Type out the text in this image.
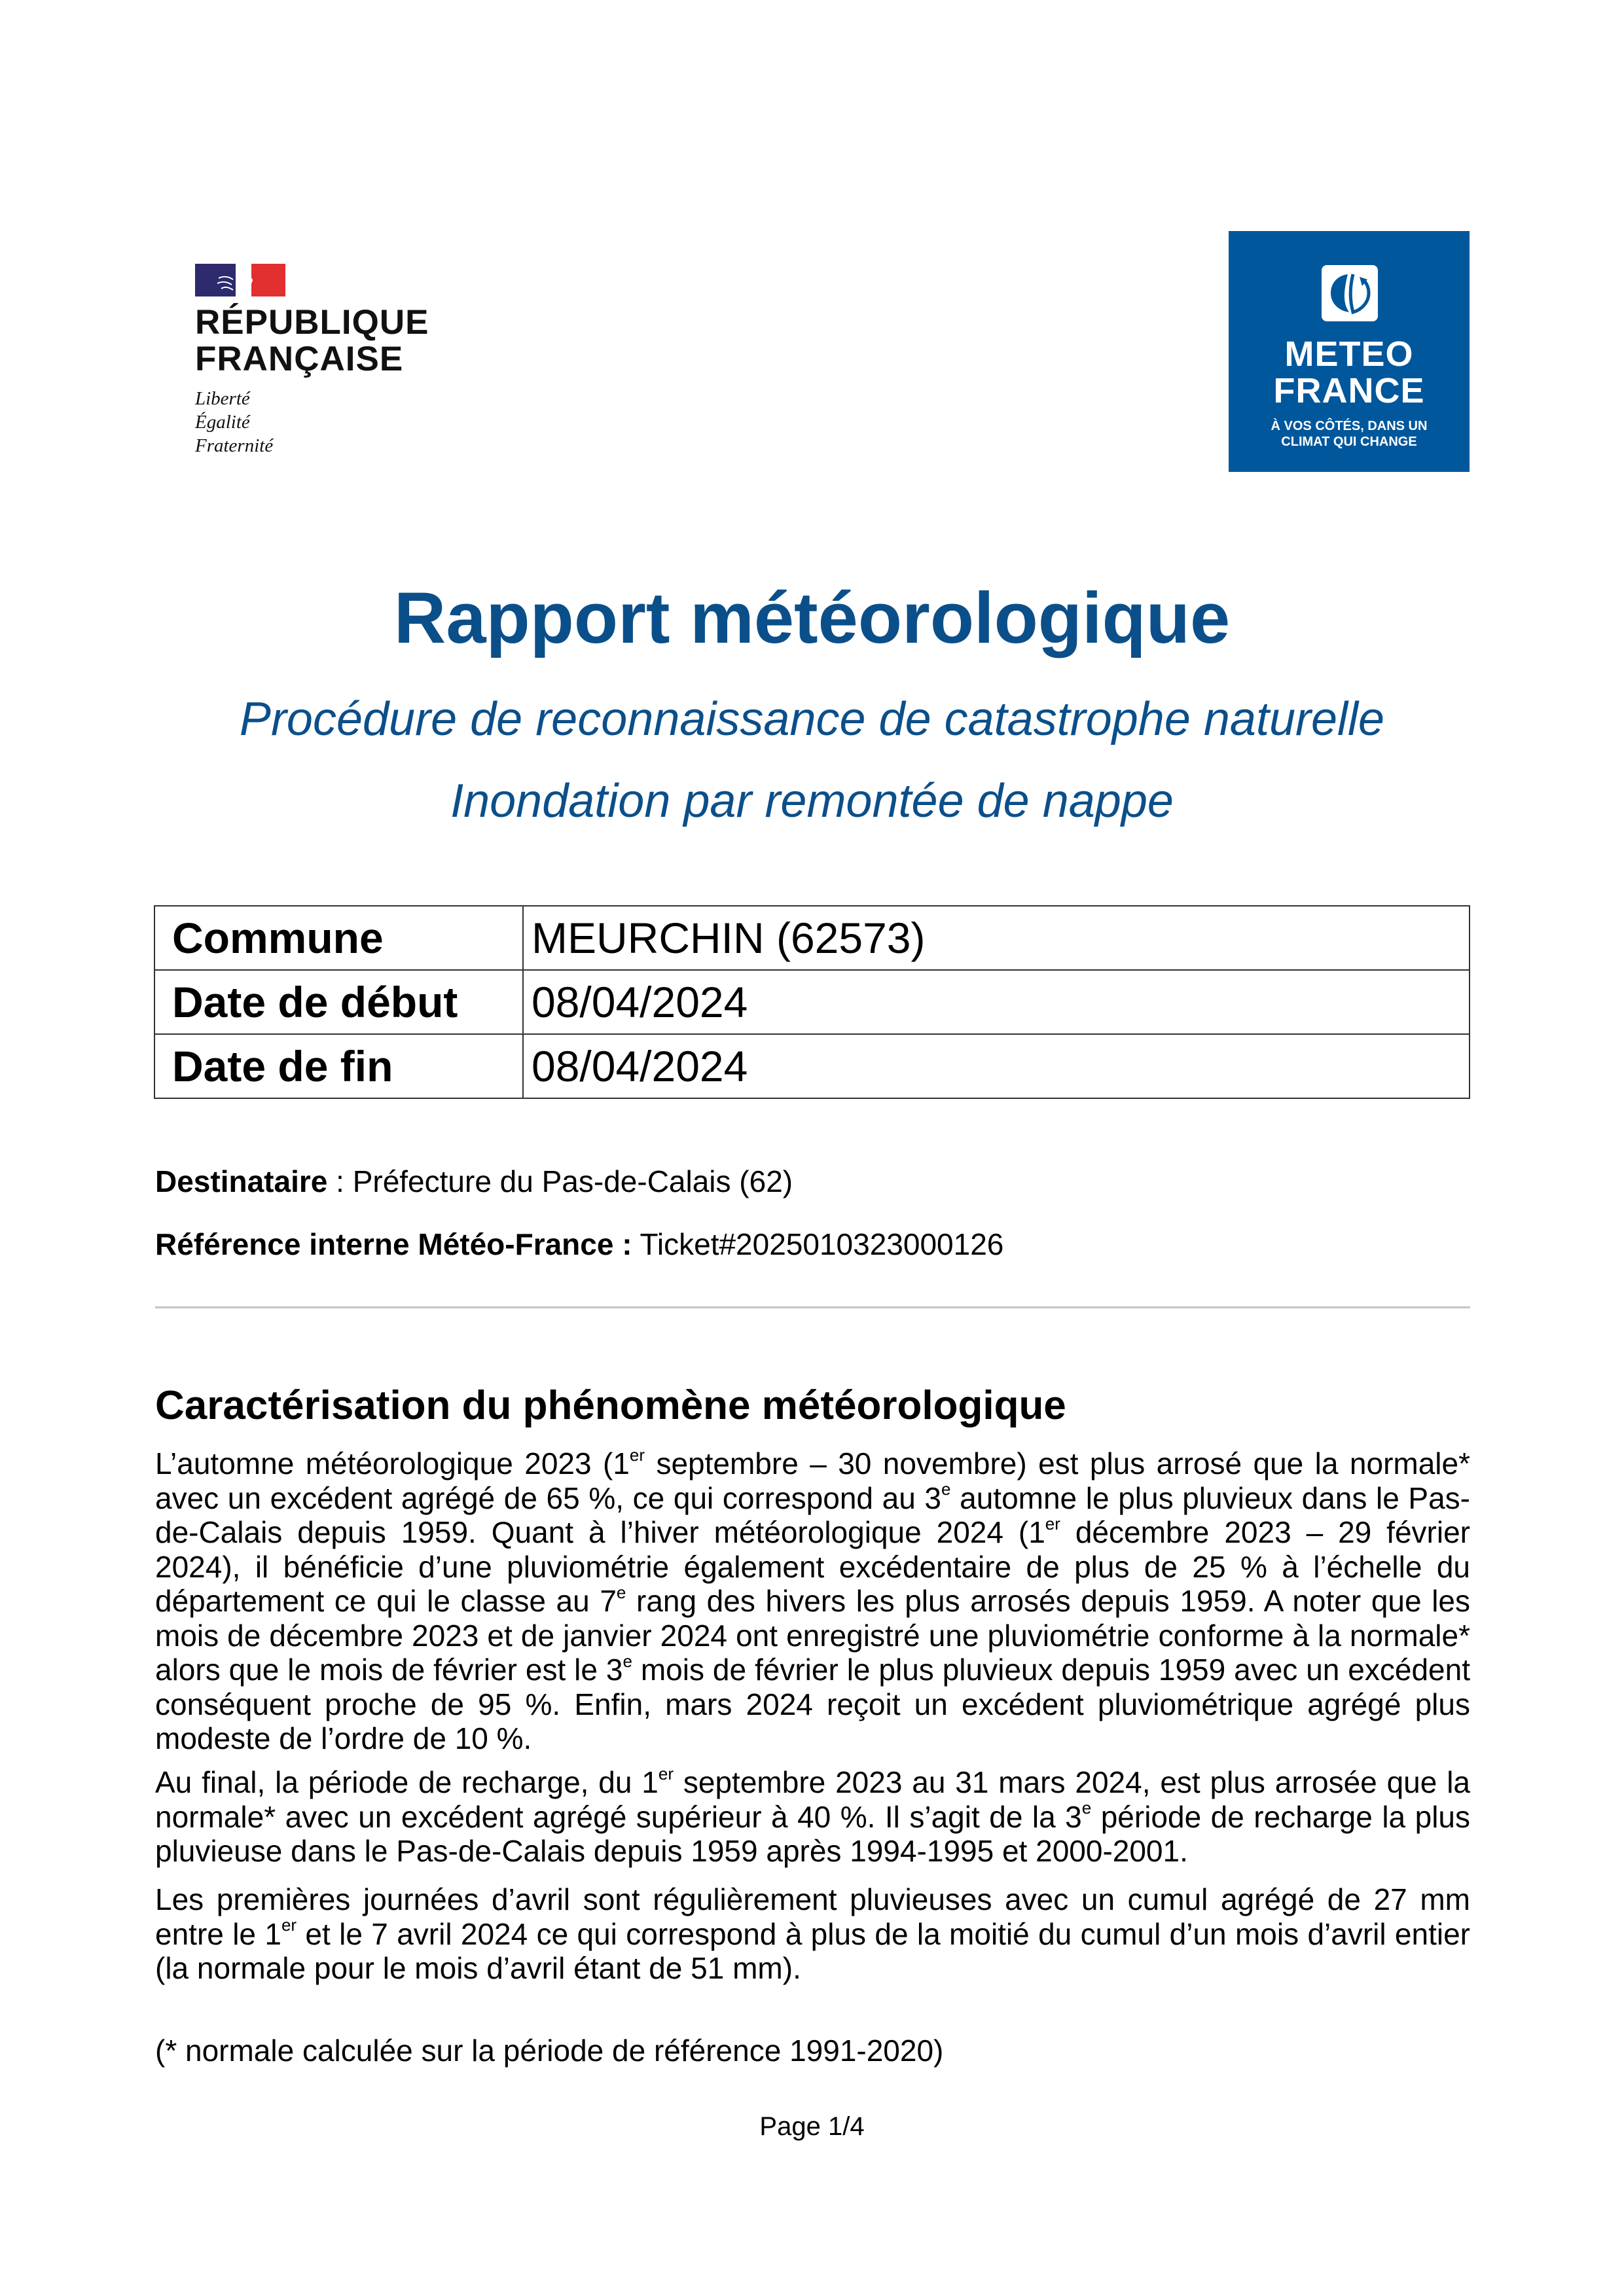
RÉPUBLIQUE
FRANÇAISE
Liberté
Égalité
Fraternité
METEO
FRANCE
À VOS CÔTÉS, DANS UN
CLIMAT QUI CHANGE
Rapport météorologique
Procédure de reconnaissance de catastrophe naturelle
Inondation par remontée de nappe
Commune	MEURCHIN (62573)
Date de début	08/04/2024
Date de fin	08/04/2024
Destinataire : Préfecture du Pas-de-Calais (62)
Référence interne Météo-France : Ticket#2025010323000126
Caractérisation du phénomène météorologique
L’automne météorologique 2023 (1er septembre – 30 novembre) est plus arrosé que la normale* avec un excédent agrégé de 65 %, ce qui correspond au 3e automne le plus pluvieux dans le Pas-de-Calais depuis 1959. Quant à l’hiver météorologique 2024 (1er décembre 2023 – 29 février 2024), il bénéficie d’une pluviométrie également excédentaire de plus de 25 % à l’échelle du département ce qui le classe au 7e rang des hivers les plus arrosés depuis 1959. A noter que les mois de décembre 2023 et de janvier 2024 ont enregistré une pluviométrie conforme à la normale* alors que le mois de février est le 3e mois de février le plus pluvieux depuis 1959 avec un excédent conséquent proche de 95 %. Enfin, mars 2024 reçoit un excédent pluviométrique agrégé plus modeste de l’ordre de 10 %.
Au final, la période de recharge, du 1er septembre 2023 au 31 mars 2024, est plus arrosée que la normale* avec un excédent agrégé supérieur à 40 %. Il s’agit de la 3e période de recharge la plus pluvieuse dans le Pas-de-Calais depuis 1959 après 1994-1995 et 2000-2001.
Les premières journées d’avril sont régulièrement pluvieuses avec un cumul agrégé de 27 mm entre le 1er et le 7 avril 2024 ce qui correspond à plus de la moitié du cumul d’un mois d’avril entier (la normale pour le mois d’avril étant de 51 mm).
(* normale calculée sur la période de référence 1991-2020)
Page 1/4
